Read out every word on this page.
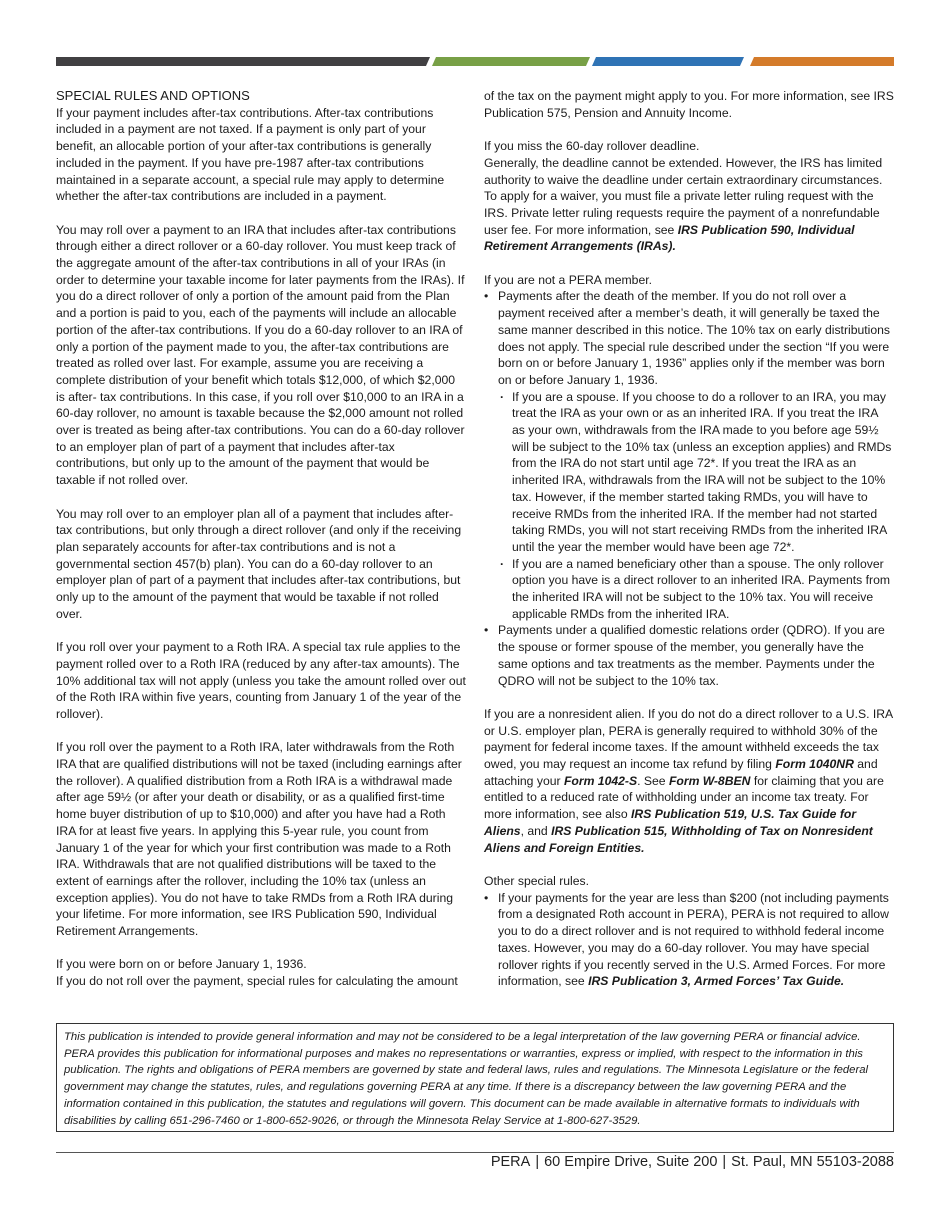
SPECIAL RULES AND OPTIONS

If your payment includes after-tax contributions. After-tax contributions included in a payment are not taxed. If a payment is only part of your benefit, an allocable portion of your after-tax contributions is generally included in the payment. If you have pre-1987 after-tax contributions maintained in a separate account, a special rule may apply to determine whether the after-tax contributions are included in a payment.

You may roll over a payment to an IRA that includes after-tax contributions through either a direct rollover or a 60-day rollover. You must keep track of the aggregate amount of the after-tax contributions in all of your IRAs (in order to determine your taxable income for later payments from the IRAs). If you do a direct rollover of only a portion of the amount paid from the Plan and a portion is paid to you, each of the payments will include an allocable portion of the after-tax contributions. If you do a 60-day rollover to an IRA of only a portion of the payment made to you, the after-tax contributions are treated as rolled over last. For example, assume you are receiving a complete distribution of your benefit which totals $12,000, of which $2,000 is after- tax contributions. In this case, if you roll over $10,000 to an IRA in a 60-day rollover, no amount is taxable because the $2,000 amount not rolled over is treated as being after-tax contributions. You can do a 60-day rollover to an employer plan of part of a payment that includes after-tax contributions, but only up to the amount of the payment that would be taxable if not rolled over.

You may roll over to an employer plan all of a payment that includes after-tax contributions, but only through a direct rollover (and only if the receiving plan separately accounts for after-tax contributions and is not a governmental section 457(b) plan). You can do a 60-day rollover to an employer plan of part of a payment that includes after-tax contributions, but only up to the amount of the payment that would be taxable if not rolled over.

If you roll over your payment to a Roth IRA. A special tax rule applies to the payment rolled over to a Roth IRA (reduced by any after-tax amounts). The 10% additional tax will not apply (unless you take the amount rolled over out of the Roth IRA within five years, counting from January 1 of the year of the rollover).

If you roll over the payment to a Roth IRA, later withdrawals from the Roth IRA that are qualified distributions will not be taxed (including earnings after the rollover). A qualified distribution from a Roth IRA is a withdrawal made after age 59½ (or after your death or disability, or as a qualified first-time home buyer distribution of up to $10,000) and after you have had a Roth IRA for at least five years. In applying this 5-year rule, you count from January 1 of the year for which your first contribution was made to a Roth IRA. Withdrawals that are not qualified distributions will be taxed to the extent of earnings after the rollover, including the 10% tax (unless an exception applies). You do not have to take RMDs from a Roth IRA during your lifetime. For more information, see IRS Publication 590, Individual Retirement Arrangements.

If you were born on or before January 1, 1936.

If you do not roll over the payment, special rules for calculating the amount

of the tax on the payment might apply to you. For more information, see IRS Publication 575, Pension and Annuity Income.

If you miss the 60-day rollover deadline.

Generally, the deadline cannot be extended. However, the IRS has limited authority to waive the deadline under certain extraordinary circumstances. To apply for a waiver, you must file a private letter ruling request with the IRS. Private letter ruling requests require the payment of a nonrefundable user fee. For more information, see IRS Publication 590, Individual Retirement Arrangements (IRAs).

If you are not a PERA member.

• Payments after the death of the member. If you do not roll over a payment received after a member’s death, it will generally be taxed the same manner described in this notice. The 10% tax on early distributions does not apply. The special rule described under the section “If you were born on or before January 1, 1936” applies only if the member was born on or before January 1, 1936.
· If you are a spouse. If you choose to do a rollover to an IRA, you may treat the IRA as your own or as an inherited IRA. If you treat the IRA as your own, withdrawals from the IRA made to you before age 59½ will be subject to the 10% tax (unless an exception applies) and RMDs from the IRA do not start until age 72*. If you treat the IRA as an inherited IRA, withdrawals from the IRA will not be subject to the 10% tax. However, if the member started taking RMDs, you will have to receive RMDs from the inherited IRA. If the member had not started taking RMDs, you will not start receiving RMDs from the inherited IRA until the year the member would have been age 72*.
· If you are a named beneficiary other than a spouse. The only rollover option you have is a direct rollover to an inherited IRA. Payments from the inherited IRA will not be subject to the 10% tax. You will receive applicable RMDs from the inherited IRA.
• Payments under a qualified domestic relations order (QDRO). If you are the spouse or former spouse of the member, you generally have the same options and tax treatments as the member. Payments under the QDRO will not be subject to the 10% tax.

If you are a nonresident alien. If you do not do a direct rollover to a U.S. IRA or U.S. employer plan, PERA is generally required to withhold 30% of the payment for federal income taxes. If the amount withheld exceeds the tax owed, you may request an income tax refund by filing Form 1040NR and attaching your Form 1042-S. See Form W-8BEN for claiming that you are entitled to a reduced rate of withholding under an income tax treaty. For more information, see also IRS Publication 519, U.S. Tax Guide for Aliens, and IRS Publication 515, Withholding of Tax on Nonresident Aliens and Foreign Entities.

Other special rules.

• If your payments for the year are less than $200 (not including payments from a designated Roth account in PERA), PERA is not required to allow you to do a direct rollover and is not required to withhold federal income taxes. However, you may do a 60-day rollover. You may have special rollover rights if you recently served in the U.S. Armed Forces. For more information, see IRS Publication 3, Armed Forces’ Tax Guide.
This publication is intended to provide general information and may not be considered to be a legal interpretation of the law governing PERA or financial advice. PERA provides this publication for informational purposes and makes no representations or warranties, express or implied, with respect to the information in this publication. The rights and obligations of PERA members are governed by state and federal laws, rules and regulations. The Minnesota Legislature or the federal government may change the statutes, rules, and regulations governing PERA at any time. If there is a discrepancy between the law governing PERA and the information contained in this publication, the statutes and regulations will govern. This document can be made available in alternative formats to individuals with disabilities by calling 651-296-7460 or 1-800-652-9026, or through the Minnesota Relay Service at 1-800-627-3529.
PERA | 60 Empire Drive, Suite 200 | St. Paul, MN 55103-2088
